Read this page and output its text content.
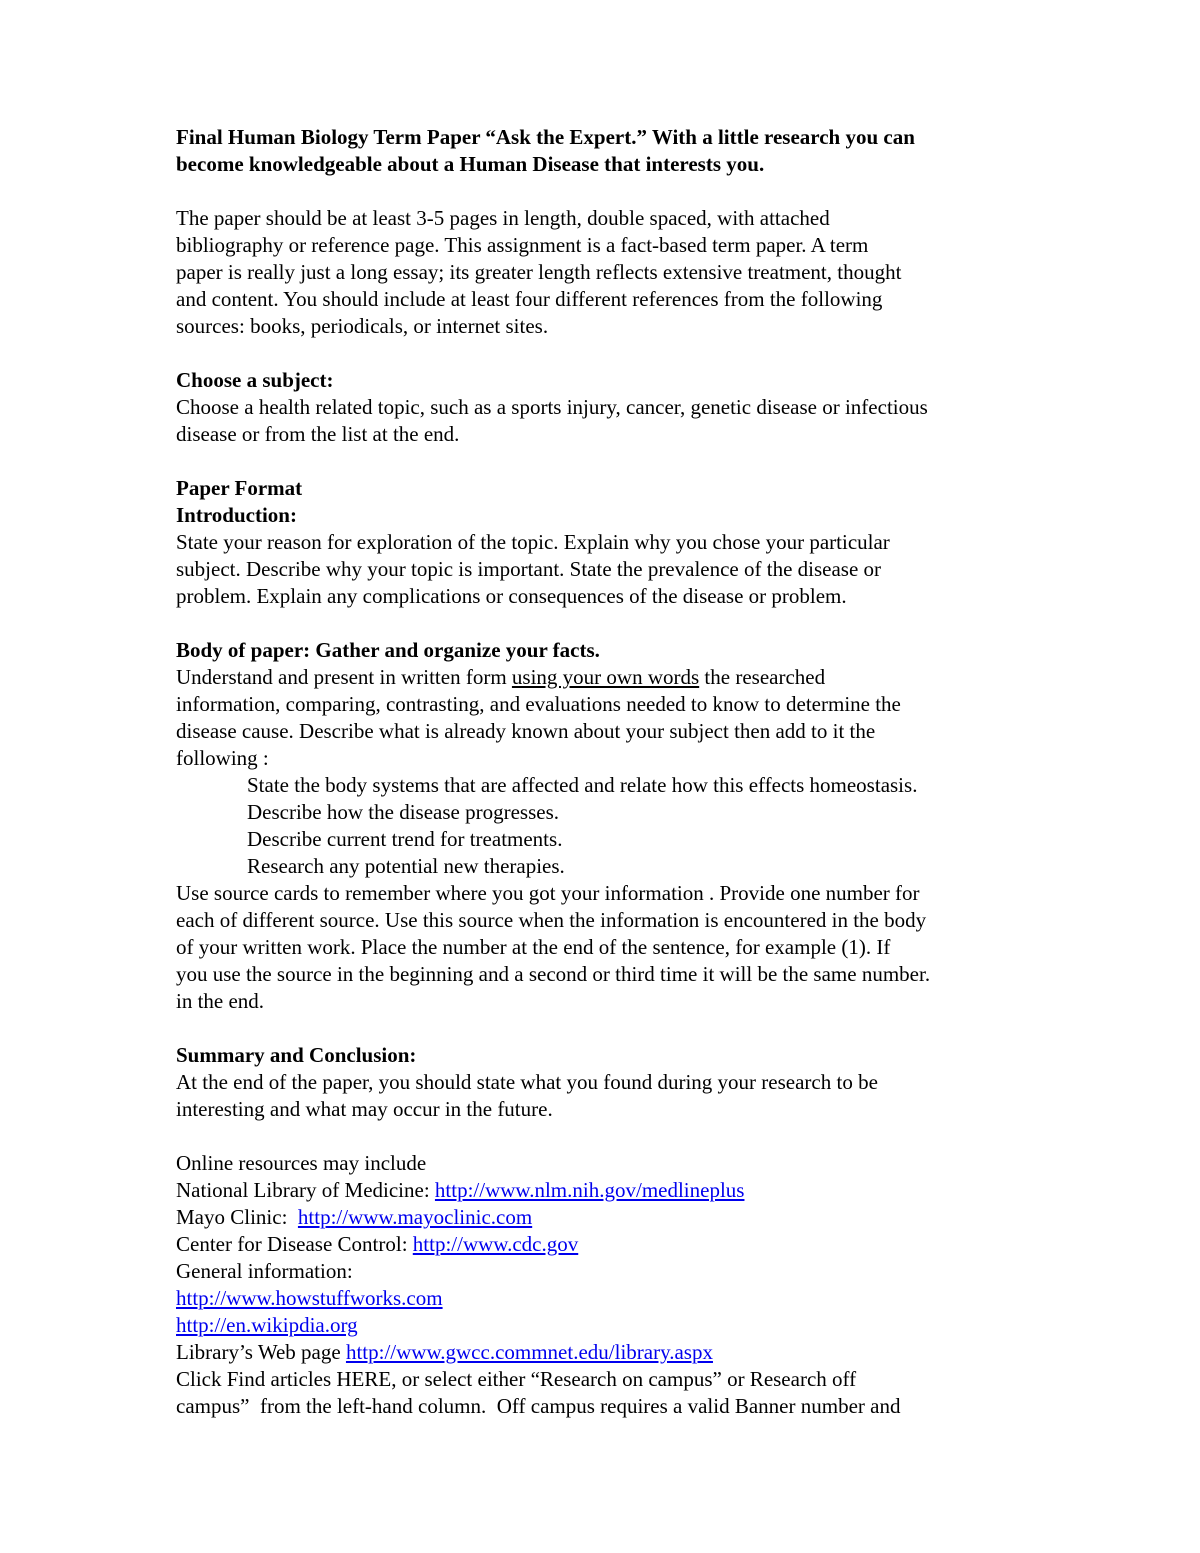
Final Human Biology Term Paper “Ask the Expert.” With a little research you can
become knowledgeable about a Human Disease that interests you.
The paper should be at least 3-5 pages in length, double spaced, with attached
bibliography or reference page. This assignment is a fact-based term paper. A term
paper is really just a long essay; its greater length reflects extensive treatment, thought
and content. You should include at least four different references from the following
sources: books, periodicals, or internet sites.
Choose a subject:
Choose a health related topic, such as a sports injury, cancer, genetic disease or infectious
disease or from the list at the end.
Paper Format
Introduction:
State your reason for exploration of the topic. Explain why you chose your particular
subject. Describe why your topic is important. State the prevalence of the disease or
problem. Explain any complications or consequences of the disease or problem.
Body of paper: Gather and organize your facts.
Understand and present in written form using your own words the researched
information, comparing, contrasting, and evaluations needed to know to determine the
disease cause. Describe what is already known about your subject then add to it the
following :
State the body systems that are affected and relate how this effects homeostasis.
Describe how the disease progresses.
Describe current trend for treatments.
Research any potential new therapies.
Use source cards to remember where you got your information . Provide one number for
each of different source. Use this source when the information is encountered in the body
of your written work. Place the number at the end of the sentence, for example (1). If
you use the source in the beginning and a second or third time it will be the same number.
in the end.
Summary and Conclusion:
At the end of the paper, you should state what you found during your research to be
interesting and what may occur in the future.
Online resources may include
National Library of Medicine: http://www.nlm.nih.gov/medlineplus
Mayo Clinic:  http://www.mayoclinic.com
Center for Disease Control: http://www.cdc.gov
General information:
http://www.howstuffworks.com
http://en.wikipdia.org
Library’s Web page http://www.gwcc.commnet.edu/library.aspx
Click Find articles HERE, or select either “Research on campus” or Research off
campus”  from the left-hand column.  Off campus requires a valid Banner number and
